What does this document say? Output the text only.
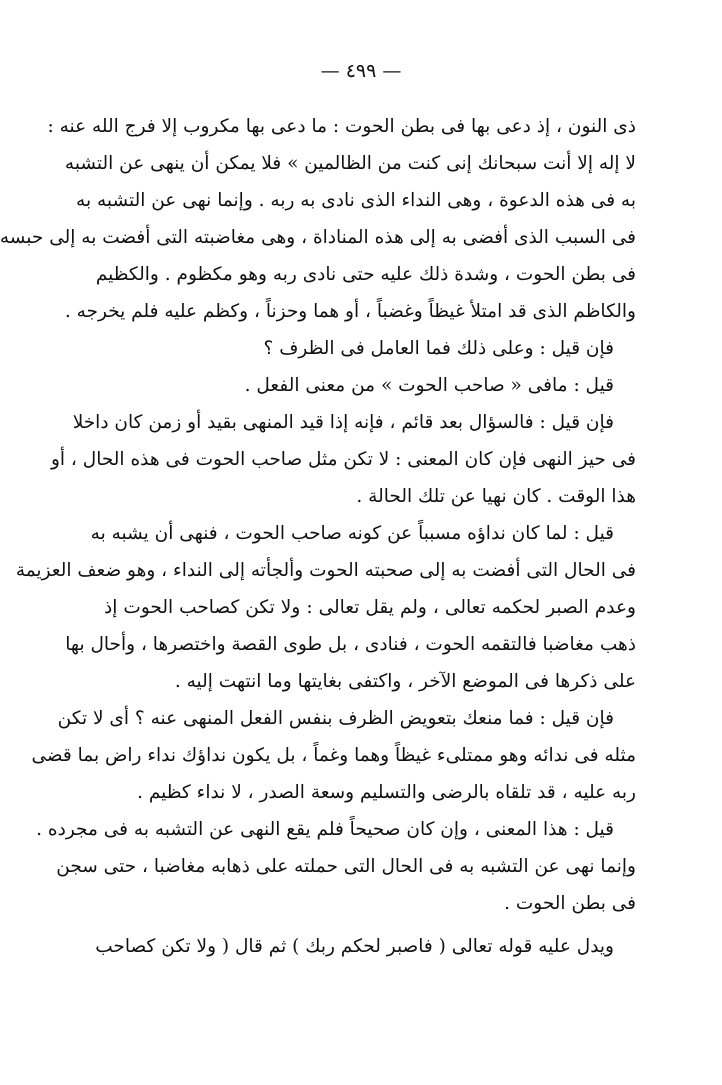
— ٤٩٩ —
ذى النون ، إذ دعى بها فى بطن الحوت : ما دعى بها مكروب إلا فرج الله عنه :
لا إله إلا أنت سبحانك إنى كنت من الظالمين » فلا يمكن أن ينهى عن التشبه
به فى هذه الدعوة ، وهى النداء الذى نادى به ربه . وإنما نهى عن التشبه به
فى السبب الذى أفضى به إلى هذه المناداة ، وهى مغاضبته التى أفضت به إلى حبسه
فى بطن الحوت ، وشدة ذلك عليه حتى نادى ربه وهو مكظوم . والكظيم
والكاظم الذى قد امتلأ غيظاً وغضباً ، أو هما وحزناً ، وكظم عليه فلم يخرجه .
فإن قيل : وعلى ذلك فما العامل فى الظرف ؟
قيل : مافى « صاحب الحوت » من معنى الفعل .
فإن قيل : فالسؤال بعد قائم ، فإنه إذا قيد المنهى بقيد أو زمن كان داخلا
فى حيز النهى فإن كان المعنى : لا تكن مثل صاحب الحوت فى هذه الحال ، أو
هذا الوقت . كان نهيا عن تلك الحالة .
قيل : لما كان نداؤه مسبباً عن كونه صاحب الحوت ، فنهى أن يشبه به
فى الحال التى أفضت به إلى صحبته الحوت وألجأته إلى النداء ، وهو ضعف العزيمة
وعدم الصبر لحكمه تعالى ، ولم يقل تعالى : ولا تكن كصاحب الحوت إذ
ذهب مغاضبا فالتقمه الحوت ، فنادى ، بل طوى القصة واختصرها ، وأحال بها
على ذكرها فى الموضع الآخر ، واكتفى بغايتها وما انتهت إليه .
فإن قيل : فما منعك بتعويض الظرف بنفس الفعل المنهى عنه ؟ أى لا تكن
مثله فى ندائه وهو ممتلىء غيظاً وهما وغماً ، بل يكون نداؤك نداء راض بما قضى
ربه عليه ، قد تلقاه بالرضى والتسليم وسعة الصدر ، لا نداء كظيم .
قيل : هذا المعنى ، وإن كان صحيحاً فلم يقع النهى عن التشبه به فى مجرده .
وإنما نهى عن التشبه به فى الحال التى حملته على ذهابه مغاضبا ، حتى سجن
فى بطن الحوت .
ويدل عليه قوله تعالى ( فاصبر لحكم ربك ) ثم قال ( ولا تكن كصاحب
